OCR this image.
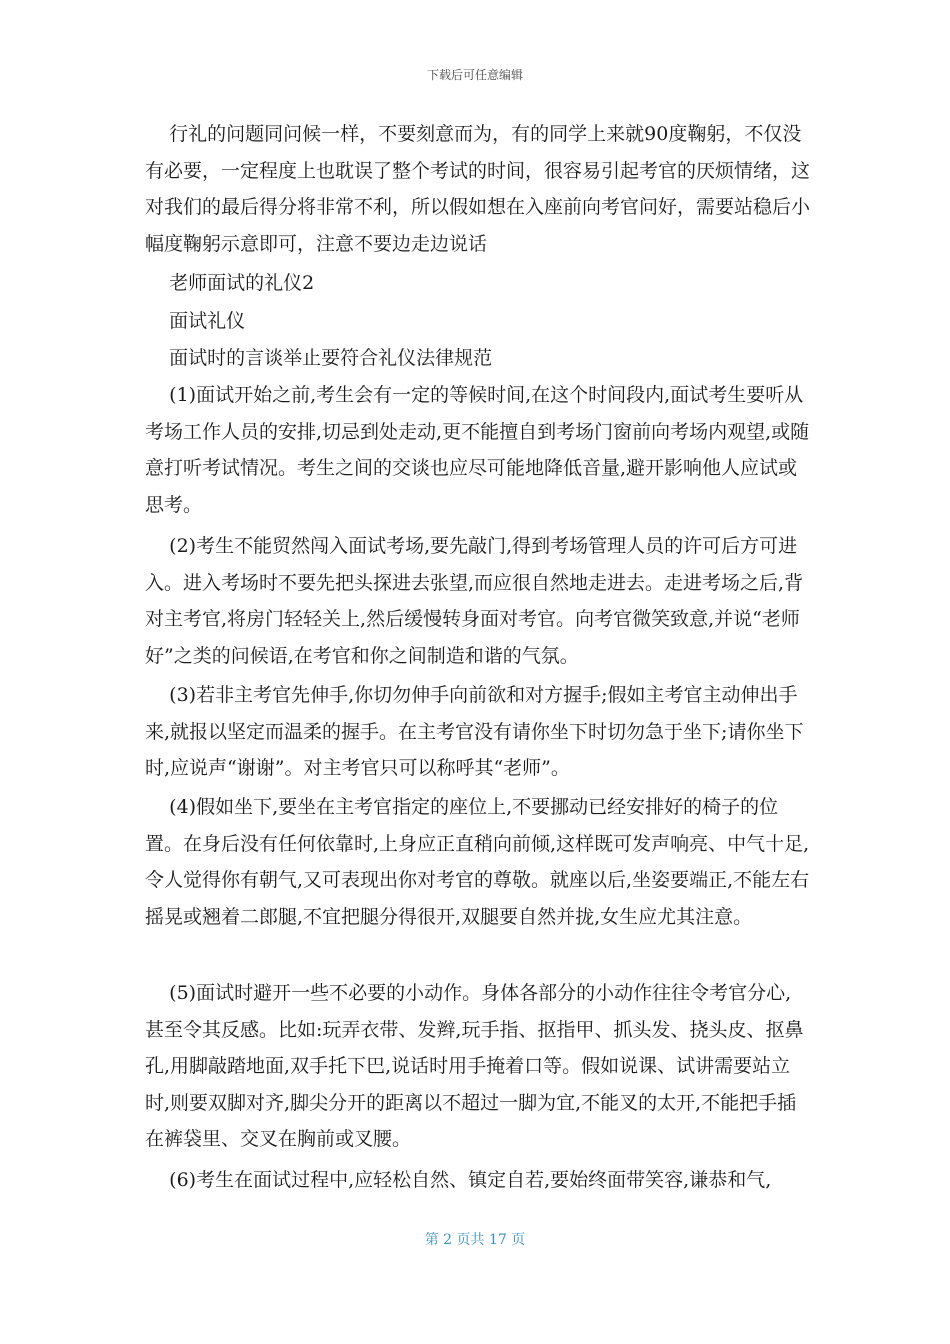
下载后可任意编辑

行礼的问题同问候一样，不要刻意而为，有的同学上来就90度鞠躬，不仅没有必要，一定程度上也耽误了整个考试的时间，很容易引起考官的厌烦情绪，这对我们的最后得分将非常不利，所以假如想在入座前向考官问好，需要站稳后小幅度鞠躬示意即可，注意不要边走边说话

老师面试的礼仪2

面试礼仪

面试时的言谈举止要符合礼仪法律规范

(1)面试开始之前,考生会有一定的等候时间,在这个时间段内,面试考生要听从考场工作人员的安排,切忌到处走动,更不能擅自到考场门窗前向考场内观望,或随意打听考试情况。考生之间的交谈也应尽可能地降低音量,避开影响他人应试或思考。

(2)考生不能贸然闯入面试考场,要先敲门,得到考场管理人员的许可后方可进入。进入考场时不要先把头探进去张望,而应很自然地走进去。走进考场之后,背对主考官,将房门轻轻关上,然后缓慢转身面对考官。向考官微笑致意,并说“老师好”之类的问候语,在考官和你之间制造和谐的气氛。

(3)若非主考官先伸手,你切勿伸手向前欲和对方握手;假如主考官主动伸出手来,就报以坚定而温柔的握手。在主考官没有请你坐下时切勿急于坐下;请你坐下时,应说声“谢谢”。对主考官只可以称呼其“老师”。

(4)假如坐下,要坐在主考官指定的座位上,不要挪动已经安排好的椅子的位置。在身后没有任何依靠时,上身应正直稍向前倾,这样既可发声响亮、中气十足,令人觉得你有朝气,又可表现出你对考官的尊敬。就座以后,坐姿要端正,不能左右摇晃或翘着二郎腿,不宜把腿分得很开,双腿要自然并拢,女生应尤其注意。

(5)面试时避开一些不必要的小动作。身体各部分的小动作往往令考官分心,甚至令其反感。比如:玩弄衣带、发辫,玩手指、抠指甲、抓头发、挠头皮、抠鼻孔,用脚敲踏地面,双手托下巴,说话时用手掩着口等。假如说课、试讲需要站立时,则要双脚对齐,脚尖分开的距离以不超过一脚为宜,不能叉的太开,不能把手插在裤袋里、交叉在胸前或叉腰。

(6)考生在面试过程中,应轻松自然、镇定自若,要始终面带笑容,谦恭和气,

第 2 页共 17 页
